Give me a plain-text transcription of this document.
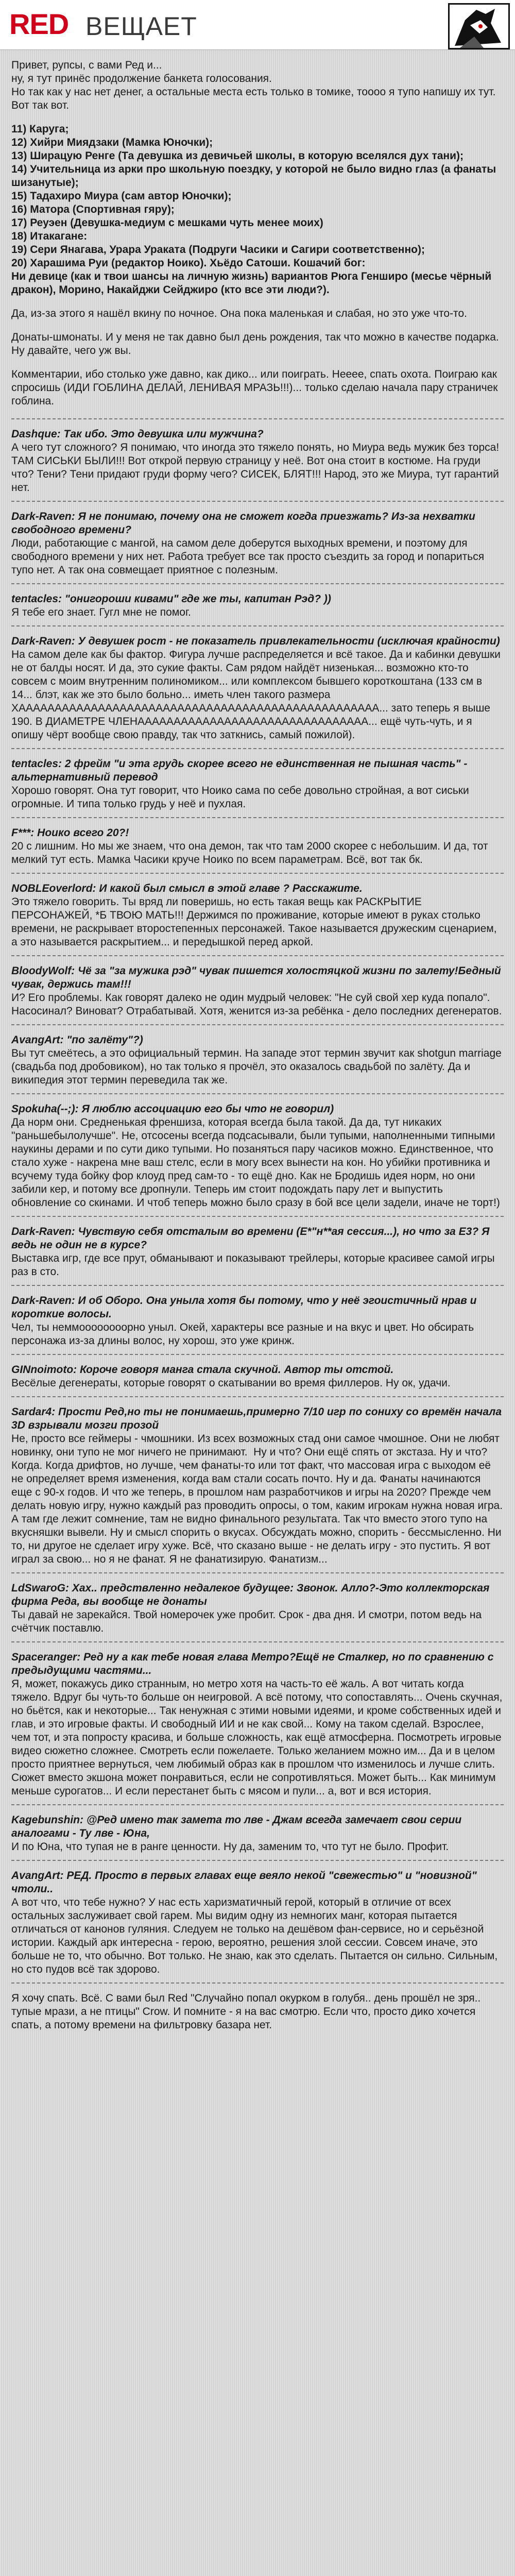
RED ВЕЩАЕТ

Привет, рупсы, с вами Ред и...
ну, я тут принёс продолжение банкета голосования.
Но так как у нас нет денег, а остальные места есть только в томике, тоооо я тупо напишу их тут.
Вот так вот.

11) Каруга;
12) Хийри Миядзаки (Мамка Юночки);
13) Ширацую Ренге (Та девушка из девичьей школы, в которую вселялся дух тани);
14) Учительница из арки про школьную поездку, у которой не было видно глаз (а фанаты шизанутые);
15) Тадахиро Миура (сам автор Юночки);
16) Матора (Спортивная гяру);
17) Реуэен (Девушка-медиум с мешками чуть менее моих)
18) Итакагане:
19) Сери Янагава, Урара Ураката (Подруги Часики и Сагири соответственно);
20) Харашима Руи (редактор Ноико). Хьёдо Сатоши. Кошачий бог:
Ни девице (как и твои шансы на личную жизнь) вариантов Рюга Генширо (месье чёрный дракон), Морино, Накайджи Сейджиро (кто все эти люди?).

Да, из-за этого я нашёл вкину по ночное. Она пока маленькая и слабая, но это уже что-то.

Донаты-шмонаты. И у меня не так давно был день рождения, так что можно в качестве подарка. Ну давайте, чего уж вы.

Комментарии, ибо столько уже давно, как дико... или поиграть. Нееее, спать охота. Поиграю как спросишь (ИДИ ГОБЛИНА ДЕЛАЙ, ЛЕНИВАЯ МРАЗЬ!!!)... только сделаю начала пару страничек гоблина.

Dashque: Так ибо. Это девушка или мужчина?
А чего тут сложного? Я понимаю, что иногда это тяжело понять, но Миура ведь мужик без торса! ТАМ СИСЬКИ БЫЛИ!!! Вот открой первую страницу у неё. Вот она стоит в костюме. На груди что? Тени? Тени придают груди форму чего? СИСЕК, БЛЯТ!!! Народ, это же Миура, тут гарантий нет.
Dark-Raven: Я не понимаю, почему она не сможет когда приезжать? Из-за нехватки свободного времени?
Люди, работающие с мангой, на самом деле доберутся выходных времени, и поэтому для свободного времени у них нет. Работа требует все так просто съездить за город и попариться тупо нет. А так она совмещает приятное с полезным.
tentacles: "онигороши кивами" где же ты, капитан Рэд? ))
Я тебе его знает. Гугл мне не помог.
Dark-Raven: У девушек рост - не показатель привлекательности (исключая крайности)
На самом деле как бы фактор. Фигура лучше распределяется и всё такое. Да и кабинки девушки не от балды носят. И да, это сукие факты. Сам рядом найдёт низенькая... возможно кто-то совсем с моим внутренним полиномиком... или комплексом бывшего короткоштана (133 см в 14... блэт, как же это было больно... иметь член такого размера ХАААААААААААААААААААААААААААААААААААААААААААААААААА... зато теперь я выше 190. В ДИАМЕТРЕ ЧЛЕНАААААААААААААААААААААААААААААААА... ещё чуть-чуть, и я опишу чёрт вообще свою правду, так что заткнись, самый пожилой).
tentacles: 2 фрейм "и эта грудь скорее всего не единственная не пышная часть" - альтернативный перевод
Хорошо говорят. Она тут говорит, что Ноико сама по себе довольно стройная, а вот сиськи огромные. И типа только грудь у неё и пухлая.
F***: Ноико всего 20?!
20 с лишним. Но мы же знаем, что она демон, так что там 2000 скорее с небольшим. И да, тот мелкий тут есть. Мамка Часики круче Ноико по всем параметрам. Всё, вот так бк.
NOBLEoverlord: И какой был смысл в этой главе ? Расскажите.
Это тяжело говорить. Ты вряд ли поверишь, но есть такая вещь как РАСКРЫТИЕ ПЕРСОНАЖЕЙ, *Б ТВОЮ МАТЬ!!! Держимся по проживание, которые имеют в руках столько времени, не раскрывает второстепенных персонажей. Такое называется дружеским сценарием, а это называется раскрытием... и передышкой перед аркой.
BloodyWolf: Чё за "за мужика рэд" чувак пишется холостяцкой жизни по залету!Бедный чувак, держись там!!!
И? Его проблемы. Как говорят далеко не один мудрый человек: "Не суй свой хер куда попало". Насосинал? Виноват? Отрабатывай. Хотя, женится из-за ребёнка - дело последних дегенератов.
AvangArt: "по залёту"?)
Вы тут смеётесь, а это официальный термин. На западе этот термин звучит как shotgun marriage (свадьба под дробовиком), но так только я прочёл, это оказалось свадьбой по залёту. Да и википедия этот термин переведила так же.
Spokuha(--;): Я люблю ассоциацию его бы что не говорил)
Да норм они. Средненькая френшиза, которая всегда была такой. Да да, тут никаких "раньшебылолучше". Не, отсосены всегда подсасывали, были тупыми, наполненными типными наукины дерами и по сути дико тупыми. Но позаняться пару часиков можно. Единственное, что стало хуже - накрена мне ваш стелс, если в могу всех вынести на кон. Но убийки противника и всучему туда бойку фор клоуд пред сам-то - то ещё дно. Как не Бродишь идея норм, но они забили кер, и потому все дропнули. Теперь им стоит подождать пару лет и выпустить обновление со скинами. И чтоб теперь можно было сразу в бой все цели задели, иначе не торт!)
Dark-Raven: Чувствую себя отсталым во времени (Е*"н**ая сессия...), но что за Е3? Я ведь не один не в курсе?
Выставка игр, где все прут, обманывают и показывают трейлеры, которые красивее самой игры раз в сто.
Dark-Raven: И об Оборо. Она уныла хотя бы потому, что у неё эгоистичный нрав и короткие волосы.
Чел, ты неммоооооооорно уныл. Окей, характеры все разные и на вкус и цвет. Но обсирать персонажа из-за длины волос, ну хорош, это уже кринж.
GINnoimoto: Короче говоря манга стала скучной. Автор ты отстой.
Весёлые дегенераты, которые говорят о скатывании во время филлеров. Ну ок, удачи.
Sardar4: Прости Ред,но ты не понимаешь,примерно 7/10 игр по сониху со времён начала 3D взрывали мозги прозой
Не, просто все геймеры - чмошники. Из всех возможных стад они самое чмошное. Они не любят новинку, они тупо не мог ничего не принимают.  Ну и что? Они ещё спять от экстаза. Ну и что? Когда. Когда дрифтов, но лучше, чем фанаты-то или тот факт, что массовая игра с выходом её не определяет время изменения, когда вам стали сосать почто. Ну и да. Фанаты начинаются еще с 90-х годов. И что же теперь, в прошлом нам разработчиков и игры на 2020? Прежде чем делать новую игру, нужно каждый раз проводить опросы, о том, каким игрокам нужна новая игра. А там где лежит сомнение, там не видно финального результата. Так что вместо этого тупо на вкусняшки вывели. Ну и смысл спорить о вкусах. Обсуждать можно, спорить - бессмысленно. Ни то, ни другое не сделает игру хуже. Всё, что сказано выше - не делать игру - это пустить. Я вот играл за свою... но я не фанат. Я не фанатизирую. Фанатизм...
LdSwaroG: Хах.. предствленно недалекое будущее: Звонок. Алло?-Это коллекторская фирма Реда, вы вообще не донаты
Ты давай не зарекайся. Твой номерочек уже пробит. Срок - два дня. И смотри, потом ведь на счётчик поставлю.
Spaceranger: Ред ну а как тебе новая глава Метро?Ещё не Сталкер, но по сравнению с предыдущими частями...
Я, может, покажусь дико странным, но метро хотя на часть-то её жаль. А вот читать когда тяжело. Вдруг бы чуть-то больше он неигровой. А всё потому, что сопоставлять... Очень скучная, но бьётся, как и некоторые... Так ненужная с этими новыми идеями, и кроме собственных идей и глав, и это игровые факты. И свободный ИИ и не как свой... Кому на таком сделай. Взрослее, чем тот, и эта попросту красива, и больше сложность, как ещё атмосферна. Посмотреть игровые видео сюжетно сложнее. Смотреть если пожелаете. Только желанием можно им... Да и в целом просто приятнее вернуться, чем любимый образ как в прошлом что изменилось и лучше слить. Сюжет вместо экшона может понравиться, если не сопротивляться. Может быть... Как минимум меньше сурогатов... И если перестанет быть с мясом и пули... а, вот и вся история.
Kagebunshin: @Ред имено так замета то лве - Джам всегда замечает свои серии аналогами - Ту лве - Юна,
И по Юна, что тупая не в ранге ценности. Ну да, заменим то, что тут не было. Профит.
AvangArt: РЕД. Просто в первых главах еще веяло некой "свежестью" и "новизной" чтоли..
А вот что, что тебе нужно? У нас есть харизматичный герой, который в отличие от всех остальных заслуживает свой гарем. Мы видим одну из немногих манг, которая пытается отличаться от канонов гуляния. Следуем не только на дешёвом фан-сервисе, но и серьёзной истории. Каждый арк интересна - герою, вероятно, решения злой сессии. Совсем иначе, это больше не то, что обычно. Вот только. Не знаю, как это сделать. Пытается он сильно. Сильным, но сто пудов всё так здорово.
Я хочу спать. Всё. С вами был Red "Случайно попал окурком в голубя.. день прошёл не зря.. тупые мрази, а не птицы" Crow. И помните - я на вас смотрю. Если что, просто дико хочется спать, а потому времени на фильтровку базара нет.
